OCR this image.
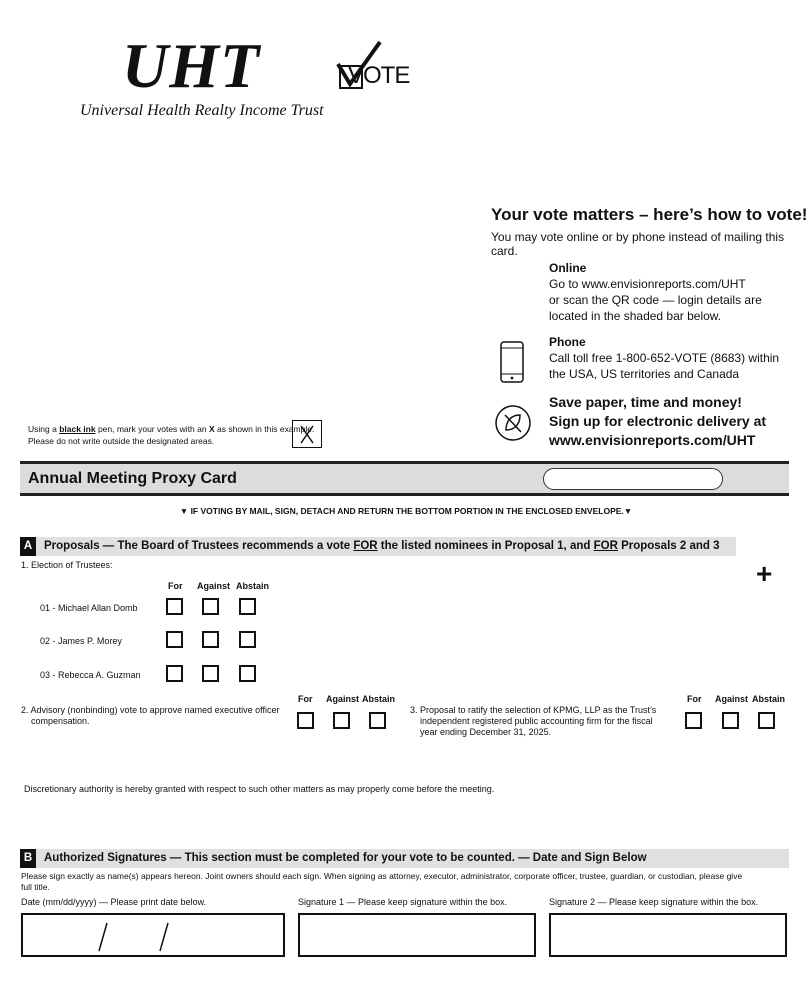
UHT
Universal Health Realty Income Trust
VOTE
Your vote matters – here’s how to vote!
You may vote online or by phone instead of mailing this card.
Online
Go to www.envisionreports.com/UHT
or scan the QR code — login details are
located in the shaded bar below.
Phone
Call toll free 1-800-652-VOTE (8683) within
the USA, US territories and Canada
Save paper, time and money!
Sign up for electronic delivery at
www.envisionreports.com/UHT
Using a black ink pen, mark your votes with an X as shown in this example.
Please do not write outside the designated areas.
Annual Meeting Proxy Card
▼ IF VOTING BY MAIL, SIGN, DETACH AND RETURN THE BOTTOM PORTION IN THE ENCLOSED ENVELOPE.▼
A Proposals — The Board of Trustees recommends a vote FOR the listed nominees in Proposal 1, and FOR Proposals 2 and 3
+
1. Election of Trustees:
For Against Abstain
01 - Michael Allan Domb
02 - James P. Morey
03 - Rebecca A. Guzman
2. Advisory (nonbinding) vote to approve named executive officer
compensation.
For Against Abstain
3. Proposal to ratify the selection of KPMG, LLP as the Trust’s
independent registered public accounting firm for the fiscal
year ending December 31, 2025.
For Against Abstain
Discretionary authority is hereby granted with respect to such other matters as may properly come before the meeting.
B Authorized Signatures — This section must be completed for your vote to be counted. — Date and Sign Below
Please sign exactly as name(s) appears hereon. Joint owners should each sign. When signing as attorney, executor, administrator, corporate officer, trustee, guardian, or custodian, please give
full title.
Date (mm/dd/yyyy) — Please print date below.	Signature 1 — Please keep signature within the box.	Signature 2 — Please keep signature within the box.
